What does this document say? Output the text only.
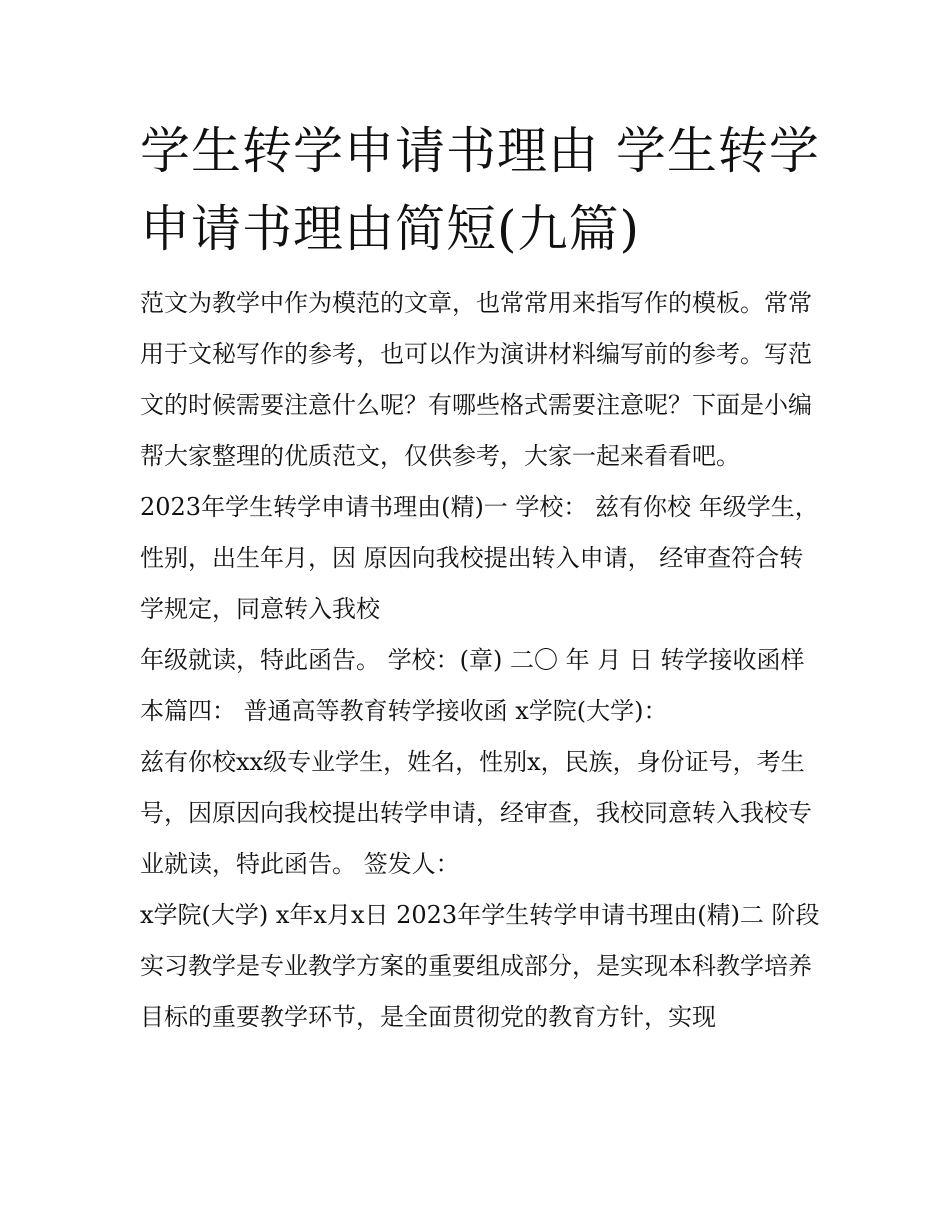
学生转学申请书理由 学生转学申请书理由简短(九篇)

范文为教学中作为模范的文章，也常常用来指写作的模板。常常用于文秘写作的参考，也可以作为演讲材料编写前的参考。写范文的时候需要注意什么呢？有哪些格式需要注意呢？下面是小编帮大家整理的优质范文，仅供参考，大家一起来看看吧。

2023年学生转学申请书理由(精)一 学校： 兹有你校 年级学生，性别，出生年月，因 原因向我校提出转入申请， 经审查符合转学规定，同意转入我校

年级就读，特此函告。 学校：(章) 二〇 年 月 日 转学接收函样本篇四： 普通高等教育转学接收函 x学院(大学)：

兹有你校xx级专业学生，姓名，性别x，民族，身份证号，考生号，因原因向我校提出转学申请，经审查，我校同意转入我校专业就读，特此函告。 签发人：

x学院(大学) x年x月x日 2023年学生转学申请书理由(精)二 阶段实习教学是专业教学方案的重要组成部分，是实现本科教学培养目标的重要教学环节，是全面贯彻党的教育方针，实现
